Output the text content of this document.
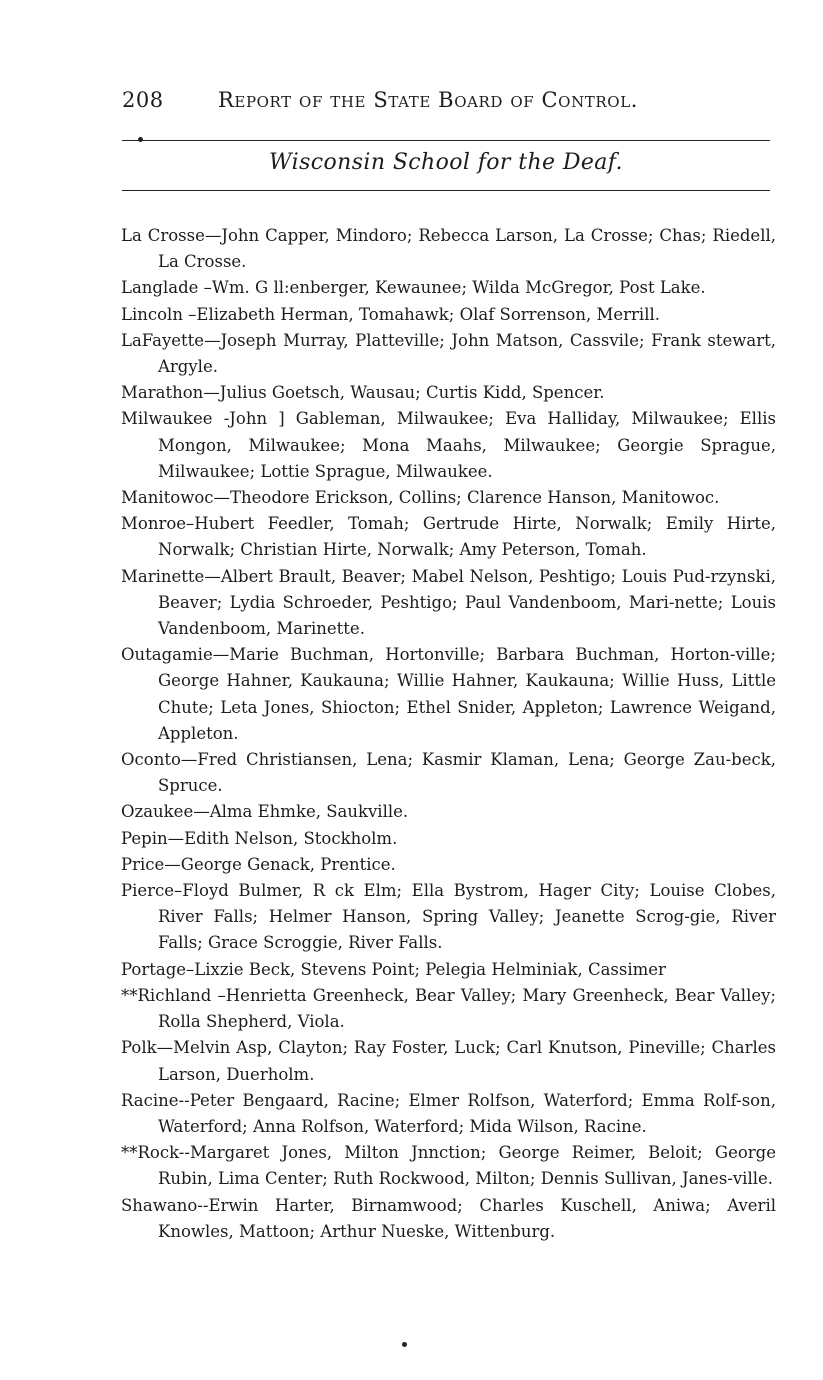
208	Report of the State Board of Control.
Wisconsin School for the Deaf.
La Crosse—John Capper, Mindoro; Rebecca Larson, La Crosse; Chas; Riedell, La Crosse.
Langlade –Wm. G ll:enberger, Kewaunee; Wilda McGregor, Post Lake.
Lincoln –Elizabeth Herman, Tomahawk; Olaf Sorrenson, Merrill.
LaFayette—Joseph Murray, Platteville; John Matson, Cassvile; Frank stewart, Argyle.
Marathon—Julius Goetsch, Wausau; Curtis Kidd, Spencer.
Milwaukee -John ] Gableman, Milwaukee; Eva Halliday, Milwaukee; Ellis Mongon, Milwaukee; Mona Maahs, Milwaukee; Georgie Sprague, Milwaukee; Lottie Sprague, Milwaukee.
Manitowoc—Theodore Erickson, Collins; Clarence Hanson, Manitowoc.
Monroe–Hubert Feedler, Tomah; Gertrude Hirte, Norwalk; Emily Hirte, Norwalk; Christian Hirte, Norwalk; Amy Peterson, Tomah.
Marinette—Albert Brault, Beaver; Mabel Nelson, Peshtigo; Louis Pud-rzynski, Beaver; Lydia Schroeder, Peshtigo; Paul Vandenboom, Mari-nette; Louis Vandenboom, Marinette.
Outagamie—Marie Buchman, Hortonville; Barbara Buchman, Horton-ville; George Hahner, Kaukauna; Willie Hahner, Kaukauna; Willie Huss, Little Chute; Leta Jones, Shiocton; Ethel Snider, Appleton; Lawrence Weigand, Appleton.
Oconto—Fred Christiansen, Lena; Kasmir Klaman, Lena; George Zau-beck, Spruce.
Ozaukee—Alma Ehmke, Saukville.
Pepin—Edith Nelson, Stockholm.
Price—George Genack, Prentice.
Pierce–Floyd Bulmer, R ck Elm; Ella Bystrom, Hager City; Louise Clobes, River Falls; Helmer Hanson, Spring Valley; Jeanette Scrog-gie, River Falls; Grace Scroggie, River Falls.
Portage–Lixzie Beck, Stevens Point; Pelegia Helminiak, Cassimer
**Richland –Henrietta Greenheck, Bear Valley; Mary Greenheck, Bear Valley; Rolla Shepherd, Viola.
Polk—Melvin Asp, Clayton; Ray Foster, Luck; Carl Knutson, Pineville; Charles Larson, Duerholm.
Racine--Peter Bengaard, Racine; Elmer Rolfson, Waterford; Emma Rolf-son, Waterford; Anna Rolfson, Waterford; Mida Wilson, Racine.
**Rock--Margaret Jones, Milton Jnnction; George Reimer, Beloit; George Rubin, Lima Center; Ruth Rockwood, Milton; Dennis Sullivan, Janes-ville.
Shawano--Erwin Harter, Birnamwood; Charles Kuschell, Aniwa; Averil Knowles, Mattoon; Arthur Nueske, Wittenburg.
